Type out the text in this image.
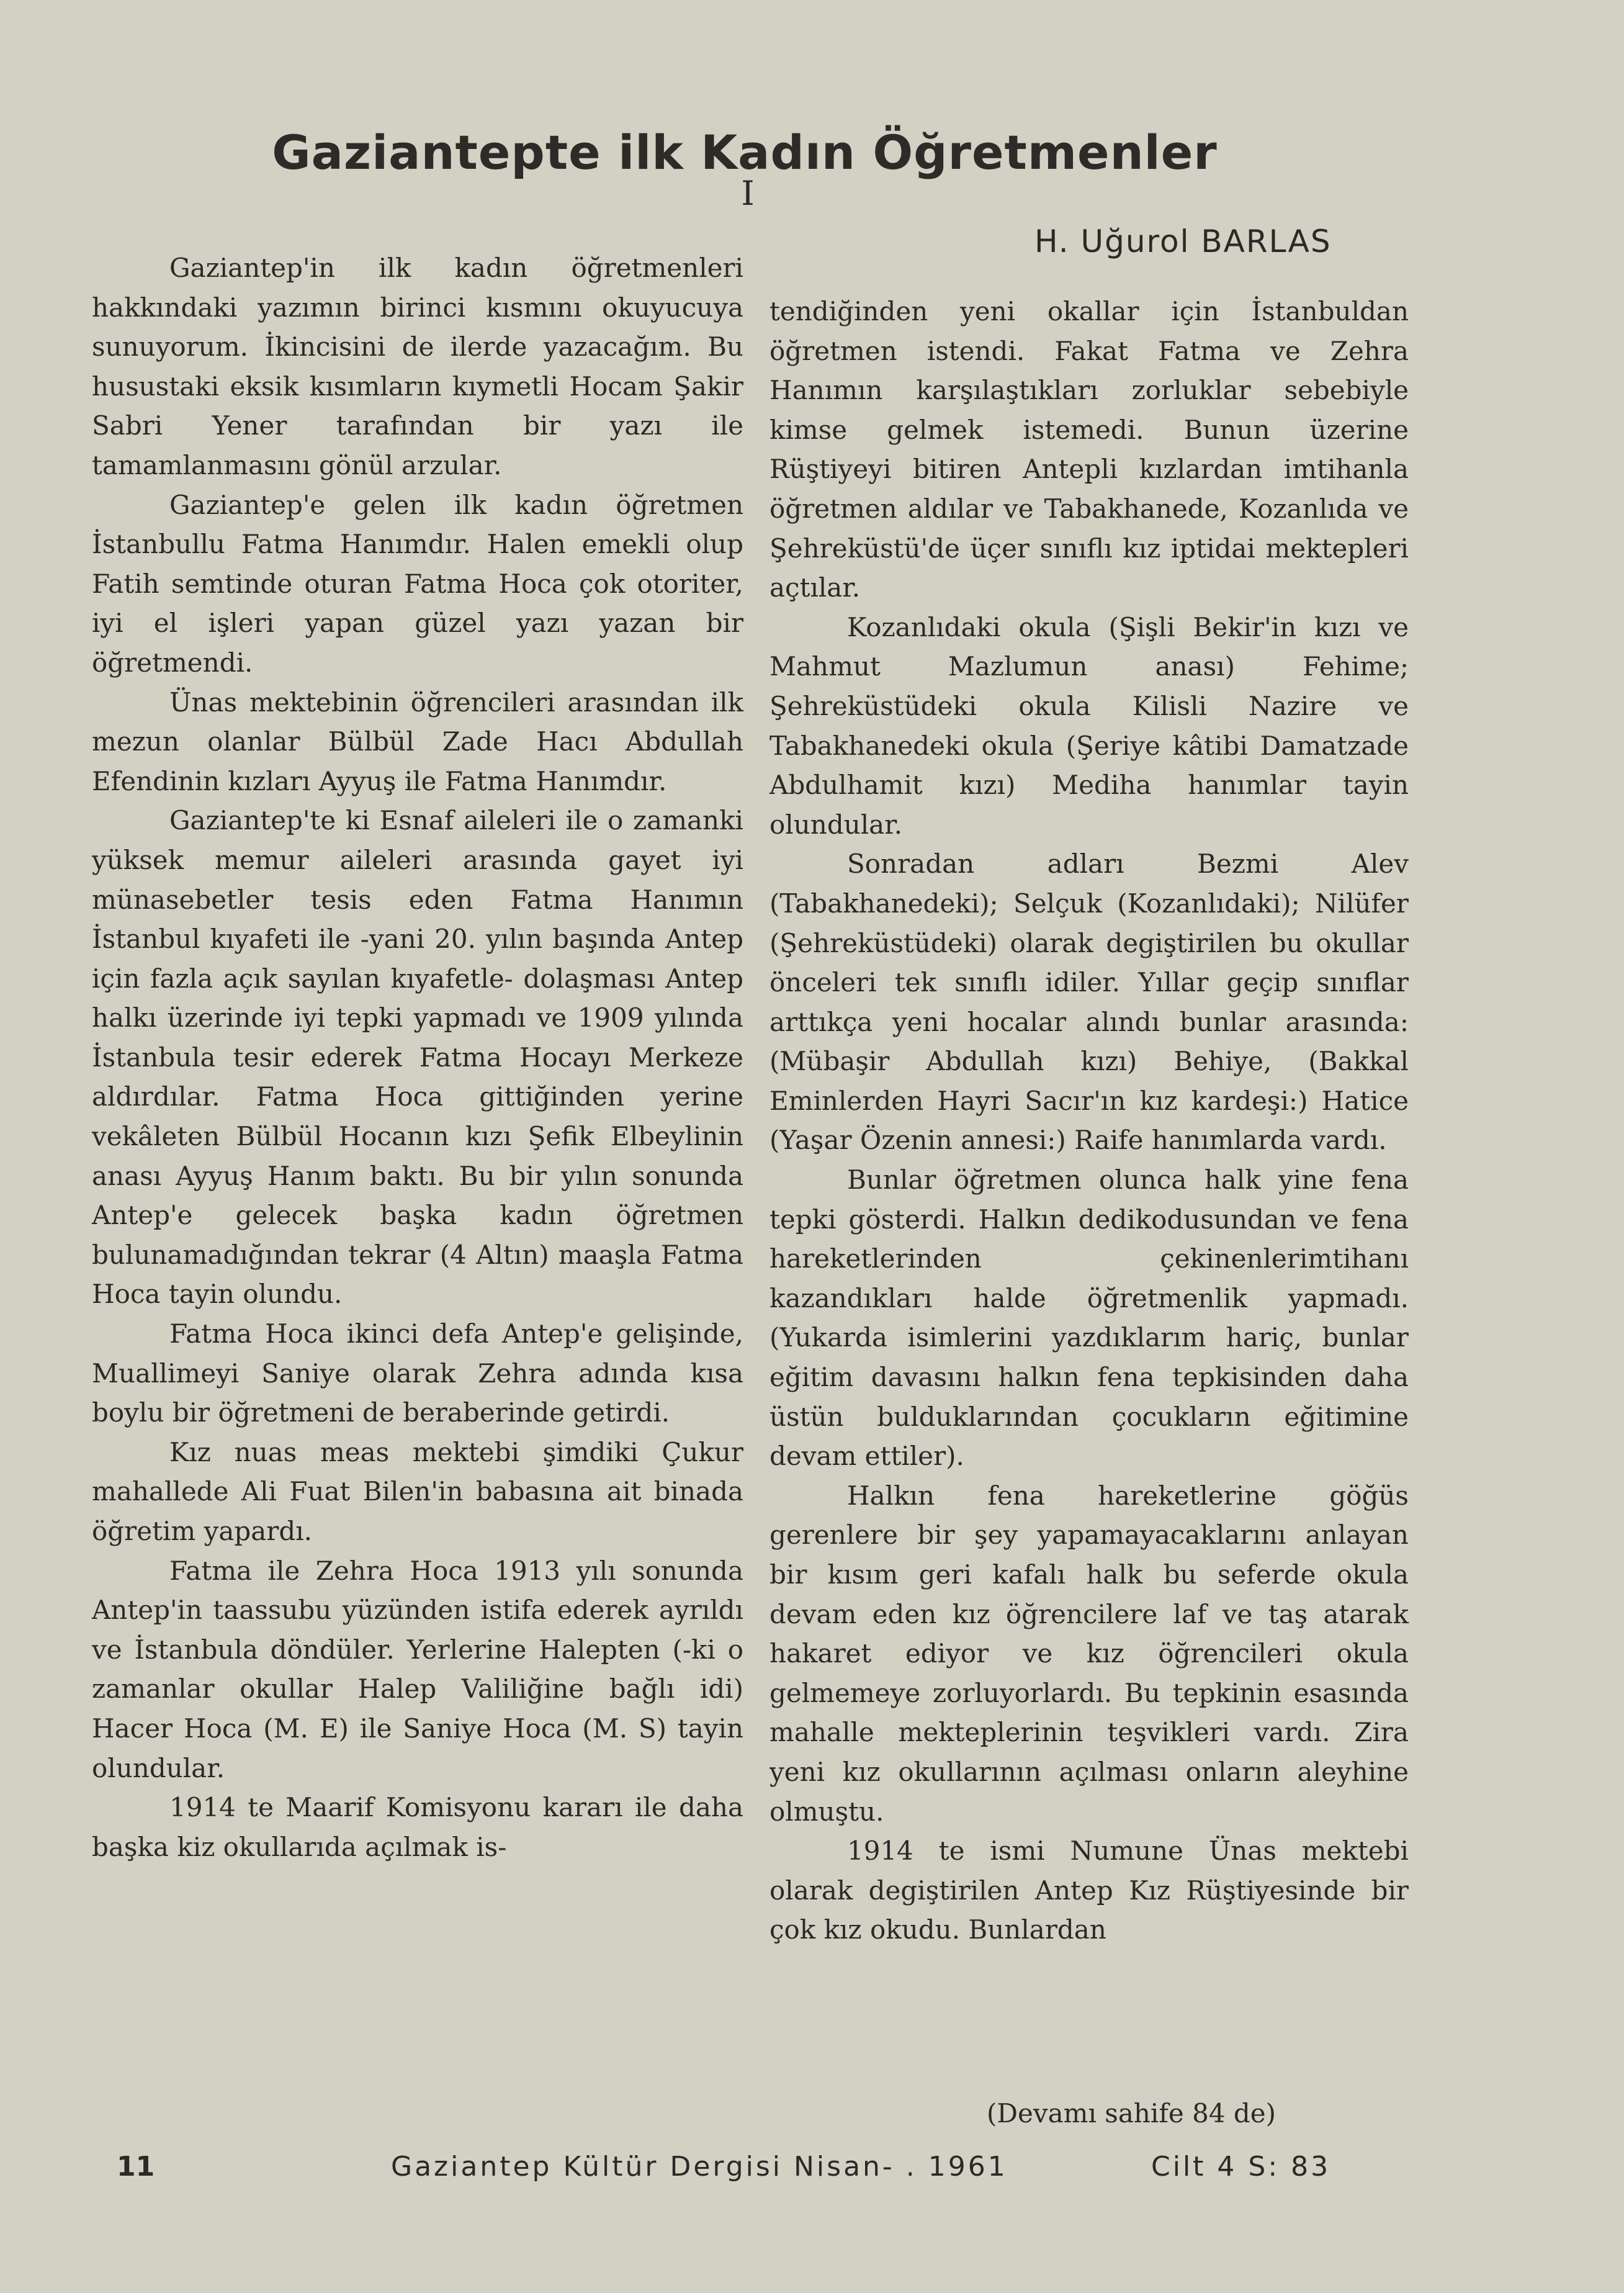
Gaziantepte ilk Kadın Öğretmenler
I
H. Uğurol BARLAS

Gaziantep'in ilk kadın öğretmenleri hakkındaki yazımın birinci kısmını okuyucuya sunuyorum. İkincisini de ilerde yazacağım. Bu husustaki eksik kısımların kıymetli Hocam Şakir Sabri Yener tarafından bir yazı ile tamamlanmasını gönül arzular.

Gaziantep'e gelen ilk kadın öğretmen İstanbullu Fatma Hanımdır. Halen emekli olup Fatih semtinde oturan Fatma Hoca çok otoriter, iyi el işleri yapan güzel yazı yazan bir öğretmendi.

Ünas mektebinin öğrencileri arasından ilk mezun olanlar Bülbül Zade Hacı Abdullah Efendinin kızları Ayyuş ile Fatma Hanımdır.

Gaziantep'te ki Esnaf aileleri ile o zamanki yüksek memur aileleri arasında gayet iyi münasebetler tesis eden Fatma Hanımın İstanbul kıyafeti ile -yani 20. yılın başında Antep için fazla açık sayılan kıyafetle- dolaşması Antep halkı üzerinde iyi tepki yapmadı ve 1909 yılında İstanbula tesir ederek Fatma Hocayı Merkeze aldırdılar. Fatma Hoca gittiğinden yerine vekâleten Bülbül Hocanın kızı Şefik Elbeylinin anası Ayyuş Hanım baktı. Bu bir yılın sonunda Antep'e gelecek başka kadın öğretmen bulunamadığından tekrar (4 Altın) maaşla Fatma Hoca tayin olundu.

Fatma Hoca ikinci defa Antep'e gelişinde, Muallimeyi Saniye olarak Zehra adında kısa boylu bir öğretmeni de beraberinde getirdi.

Kız nuas meas mektebi şimdiki Çukur mahallede Ali Fuat Bilen'in babasına ait binada öğretim yapardı.

Fatma ile Zehra Hoca 1913 yılı sonunda Antep'in taassubu yüzünden istifa ederek ayrıldı ve İstanbula döndüler. Yerlerine Halepten (-ki o zamanlar okullar Halep Valiliğine bağlı idi) Hacer Hoca (M. E) ile Saniye Hoca (M. S) tayin olundular.

1914 te Maarif Komisyonu kararı ile daha başka kiz okullarıda açılmak is-

tendiğinden yeni okallar için İstanbuldan öğretmen istendi. Fakat Fatma ve Zehra Hanımın karşılaştıkları zorluklar sebebiyle kimse gelmek istemedi. Bunun üzerine Rüştiyeyi bitiren Antepli kızlardan imtihanla öğretmen aldılar ve Tabakhanede, Kozanlıda ve Şehreküstü'de üçer sınıflı kız iptidai mektepleri açtılar.

Kozanlıdaki okula (Şişli Bekir'in kızı ve Mahmut Mazlumun anası) Fehime; Şehreküstüdeki okula Kilisli Nazire ve Tabakhanedeki okula (Şeriye kâtibi Damatzade Abdulhamit kızı) Mediha hanımlar tayin olundular.

Sonradan adları Bezmi Alev (Tabakhanedeki); Selçuk (Kozanlıdaki); Nilüfer (Şehreküstüdeki) olarak degiştirilen bu okullar önceleri tek sınıflı idiler. Yıllar geçip sınıflar arttıkça yeni hocalar alındı bunlar arasında: (Mübaşir Abdullah kızı) Behiye, (Bakkal Eminlerden Hayri Sacır'ın kız kardeşi:) Hatice (Yaşar Özenin annesi:) Raife hanımlarda vardı.

Bunlar öğretmen olunca halk yine fena tepki gösterdi. Halkın dedikodusundan ve fena hareketlerinden çekinenlerimtihanı kazandıkları halde öğretmenlik yapmadı. (Yukarda isimlerini yazdıklarım hariç, bunlar eğitim davasını halkın fena tepkisinden daha üstün bulduklarından çocukların eğitimine devam ettiler).

Halkın fena hareketlerine göğüs gerenlere bir şey yapamayacaklarını anlayan bir kısım geri kafalı halk bu seferde okula devam eden kız öğrencilere laf ve taş atarak hakaret ediyor ve kız öğrencileri okula gelmemeye zorluyorlardı. Bu tepkinin esasında mahalle mekteplerinin teşvikleri vardı. Zira yeni kız okullarının açılması onların aleyhine olmuştu.

1914 te ismi Numune Ünas mektebi olarak degiştirilen Antep Kız Rüştiyesinde bir çok kız okudu. Bunlardan

(Devamı sahife 84 de)
11	Gaziantep Kültür Dergisi Nisan- . 1961	Cilt 4 S: 83
